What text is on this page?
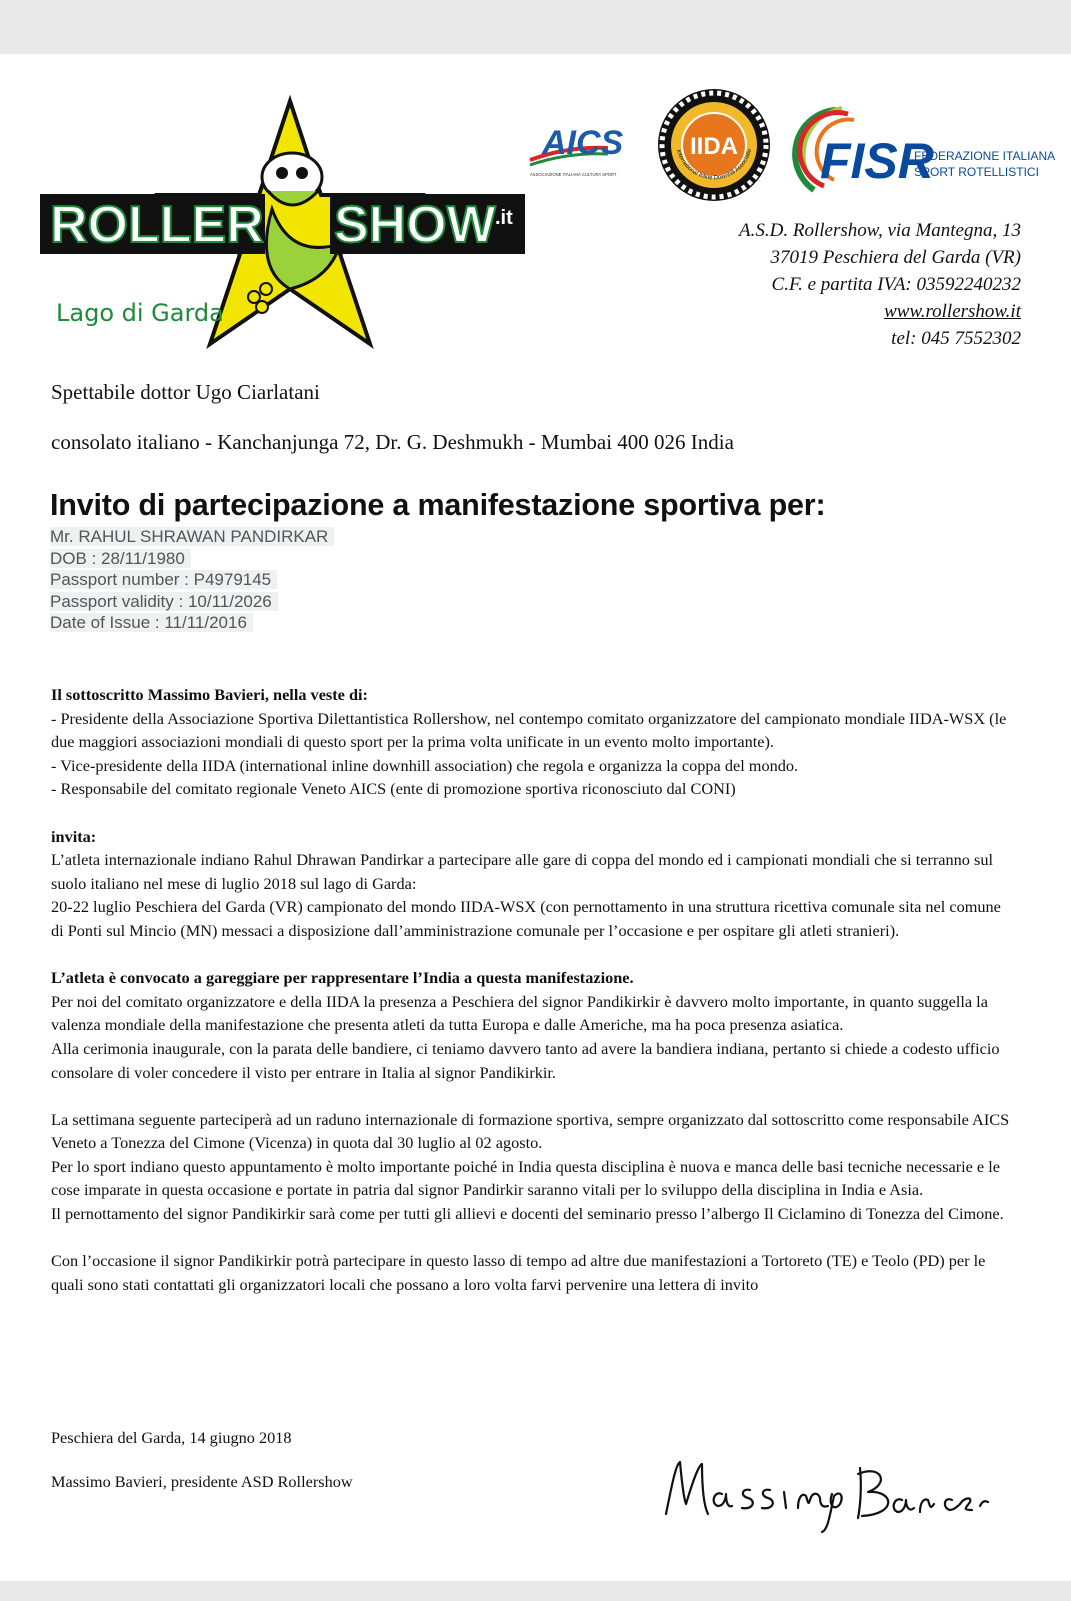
ROLLER SHOW .it
Lago di Garda
AICS
ASSOCIAZIONE ITALIANA CULTURA SPORT
IIDA
International Inline Downhill Associatio FISR
FEDERAZIONE ITALIANA
SPORT ROTELLISTICI
A.S.D. Rollershow, via Mantegna, 13
37019 Peschiera del Garda (VR)
C.F. e partita IVA: 03592240232
www.rollershow.it
tel: 045 7552302
Spettabile dottor Ugo Ciarlatani
consolato italiano - Kanchanjunga 72, Dr. G. Deshmukh - Mumbai 400 026 India
Invito di partecipazione a manifestazione sportiva per:
Mr. RAHUL SHRAWAN PANDIRKAR
DOB : 28/11/1980
Passport number : P4979145
Passport validity : 10/11/2026
Date of Issue : 11/11/2016

Il sottoscritto Massimo Bavieri, nella veste di:

- Presidente della Associazione Sportiva Dilettantistica Rollershow, nel contempo comitato organizzatore del campionato mondiale IIDA-WSX (le due maggiori associazioni mondiali di questo sport per la prima volta unificate in un evento molto importante).

- Vice-presidente della IIDA (international inline downhill association) che regola e organizza la coppa del mondo.

- Responsabile del comitato regionale Veneto AICS (ente di promozione sportiva riconosciuto dal CONI)

invita:

L’atleta internazionale indiano Rahul Dhrawan Pandirkar a partecipare alle gare di coppa del mondo ed i campionati mondiali che si terranno sul suolo italiano nel mese di luglio 2018 sul lago di Garda:

20-22 luglio Peschiera del Garda (VR) campionato del mondo IIDA-WSX (con pernottamento in una struttura ricettiva comunale sita nel comune di Ponti sul Mincio (MN) messaci a disposizione dall’amministrazione comunale per l’occasione e per ospitare gli atleti stranieri).

L’atleta è convocato a gareggiare per rappresentare l’India a questa manifestazione.

Per noi del comitato organizzatore e della IIDA la presenza a Peschiera del signor Pandikirkir è davvero molto importante, in quanto suggella la valenza mondiale della manifestazione che presenta atleti da tutta Europa e dalle Americhe, ma ha poca presenza asiatica.

Alla cerimonia inaugurale, con la parata delle bandiere, ci teniamo davvero tanto ad avere la bandiera indiana, pertanto si chiede a codesto ufficio consolare di voler concedere il visto per entrare in Italia al signor Pandikirkir.

La settimana seguente parteciperà ad un raduno internazionale di formazione sportiva, sempre organizzato dal sottoscritto come responsabile AICS Veneto a Tonezza del Cimone (Vicenza) in quota dal 30 luglio al 02 agosto.

Per lo sport indiano questo appuntamento è molto importante poiché in India questa disciplina è nuova e manca delle basi tecniche necessarie e le cose imparate in questa occasione e portate in patria dal signor Pandirkir saranno vitali per lo sviluppo della disciplina in India e Asia.

Il pernottamento del signor Pandikirkir sarà come per tutti gli allievi e docenti del seminario presso l’albergo Il Ciclamino di Tonezza del Cimone.

Con l’occasione il signor Pandikirkir potrà partecipare in questo lasso di tempo ad altre due manifestazioni a Tortoreto (TE) e Teolo (PD) per le quali sono stati contattati gli organizzatori locali che possano a loro volta farvi pervenire una lettera di invito

Peschiera del Garda, 14 giugno 2018
Massimo Bavieri, presidente ASD Rollershow
